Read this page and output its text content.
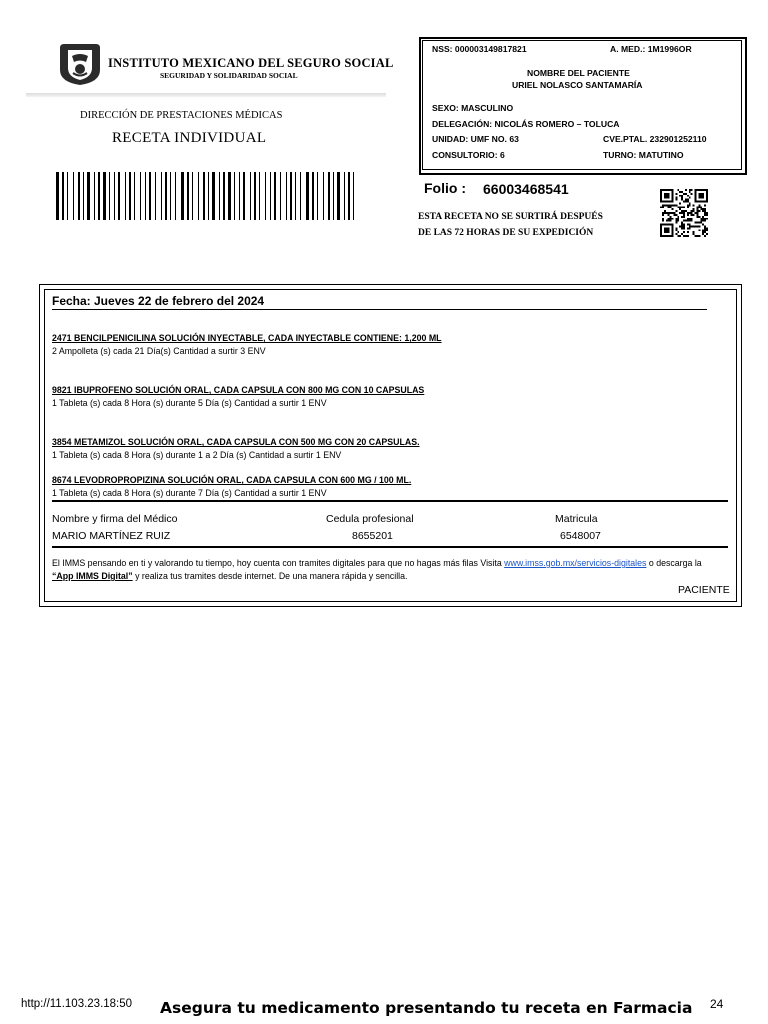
INSTITUTO MEXICANO DEL SEGURO SOCIAL
SEGURIDAD Y SOLIDARIDAD SOCIAL
DIRECCIÓN DE PRESTACIONES MÉDICAS
RECETA INDIVIDUAL
NSS: 000003149817821	A. MED.: 1M1996OR
NOMBRE DEL PACIENTE
URIEL NOLASCO SANTAMARÍA
SEXO: MASCULINO
DELEGACIÓN: NICOLÁS ROMERO – TOLUCA
UNIDAD: UMF NO. 63	CVE.PTAL. 232901252110
CONSULTORIO: 6	TURNO: MATUTINO
Folio : 66003468541
ESTA RECETA NO SE SURTIRÁ DESPUÉS
DE LAS 72 HORAS DE SU EXPEDICIÓN
Fecha: Jueves 22 de febrero del 2024
2471 BENCILPENICILINA SOLUCIÓN INYECTABLE, CADA INYECTABLE CONTIENE: 1,200 ML
2 Ampolleta (s) cada 21 Día(s) Cantidad a surtir 3 ENV
9821 IBUPROFENO SOLUCIÓN ORAL, CADA CAPSULA CON 800 MG CON 10 CAPSULAS
1 Tableta (s) cada 8 Hora (s) durante 5 Día (s) Cantidad a surtir 1 ENV
3854 METAMIZOL SOLUCIÓN ORAL, CADA CAPSULA CON 500 MG CON 20 CAPSULAS.
1 Tableta (s) cada 8 Hora (s) durante 1 a 2 Día (s) Cantidad a surtir 1 ENV
8674 LEVODROPROPIZINA SOLUCIÓN ORAL, CADA CAPSULA CON 600 MG / 100 ML.
1 Tableta (s) cada 8 Hora (s) durante 7 Día (s) Cantidad a surtir 1 ENV
Nombre y firma del Médico	Cedula profesional	Matricula
MARIO MARTÍNEZ RUIZ	8655201	6548007
El IMMS pensando en ti y valorando tu tiempo, hoy cuenta con tramites digitales para que no hagas más filas Visita www.imss.gob.mx/servicios-digitales o descarga la “App IMMS Digital” y realiza tus tramites desde internet. De una manera rápida y sencilla.
PACIENTE
http://11.103.23.18:50	Asegura tu medicamento presentando tu receta en Farmacia 24
